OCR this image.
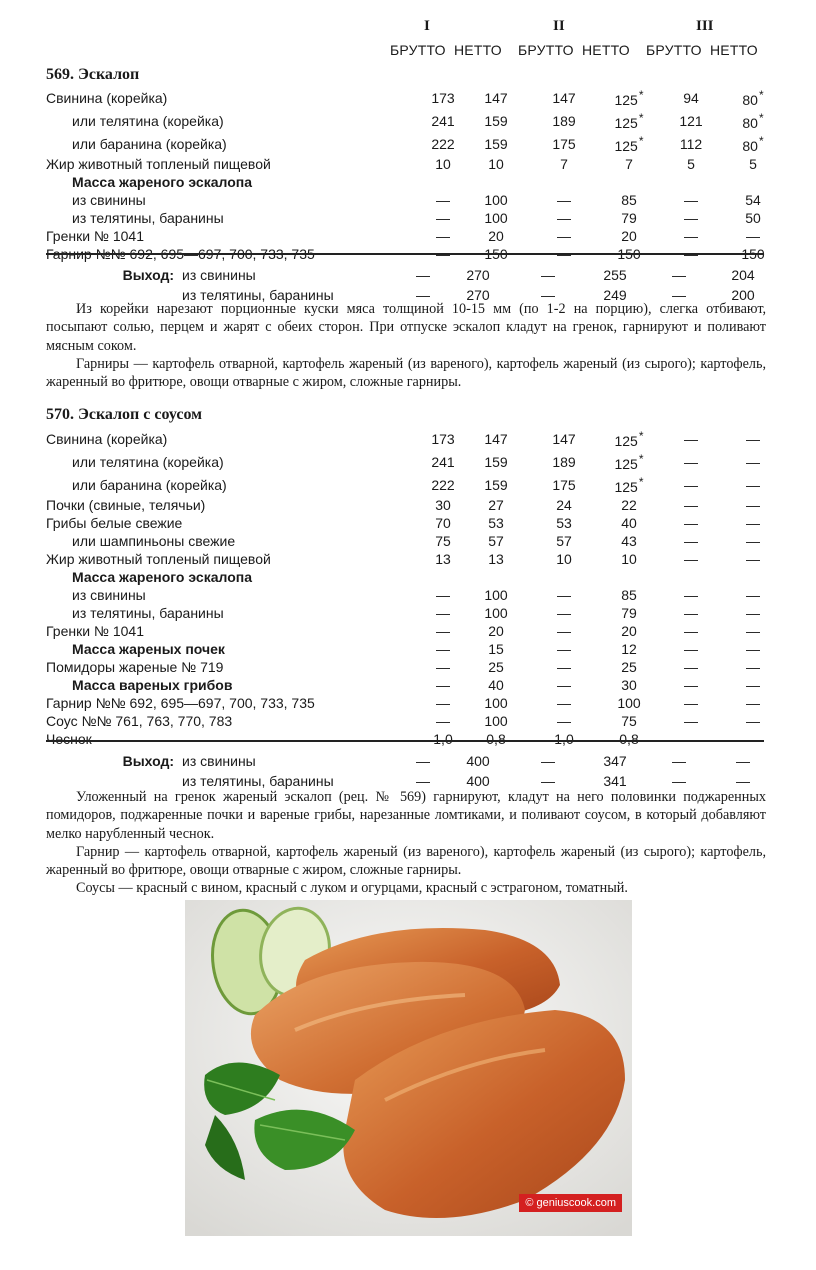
I	II	III
БРУТТО НЕТТО БРУТТО НЕТТО БРУТТО НЕТТО
569. Эскалоп
Свинина (корейка)	173	147	147	125*	94	80*
или телятина (корейка)	241	159	189	125*	121	80*
или баранина (корейка)	222	159	175	125*	112	80*
Жир животный топленый пищевой	10	10	7	7	5	5
Масса жареного эскалопа						
из свинины	—	100	—	85	—	54
из телятины, баранины	—	100	—	79	—	50
Гренки № 1041	—	20	—	20	—	—
Гарнир №№ 692, 695—697, 700, 733, 735	—	150	—	150	—	150
Выход:	из свинины	—	270	—	255	—	204
	из телятины, баранины	—	270	—	249	—	200

Из корейки нарезают порционные куски мяса толщиной 10-15 мм (по 1-2 на порцию), слегка отбивают, посыпают солью, перцем и жарят с обеих сторон. При отпуске эскалоп кладут на гренок, гарнируют и поливают мясным соком.

Гарниры — картофель отварной, картофель жареный (из вареного), картофель жареный (из сырого); картофель, жаренный во фритюре, овощи отварные с жиром, сложные гарниры.

570. Эскалоп с соусом
Свинина (корейка)	173	147	147	125*	—	—
или телятина (корейка)	241	159	189	125*	—	—
или баранина (корейка)	222	159	175	125*	—	—
Почки (свиные, телячьи)	30	27	24	22	—	—
Грибы белые свежие	70	53	53	40	—	—
или шампиньоны свежие	75	57	57	43	—	—
Жир животный топленый пищевой	13	13	10	10	—	—
Масса жареного эскалопа						
из свинины	—	100	—	85	—	—
из телятины, баранины	—	100	—	79	—	—
Гренки № 1041	—	20	—	20	—	—
Масса жареных почек	—	15	—	12	—	—
Помидоры жареные № 719	—	25	—	25	—	—
Масса вареных грибов	—	40	—	30	—	—
Гарнир №№ 692, 695—697, 700, 733, 735	—	100	—	100	—	—
Соус №№ 761, 763, 770, 783	—	100	—	75	—	—
Чеснок	1,0	0,8	1,0	0,8	—	—
Выход:	из свинины	—	400	—	347	—	—
	из телятины, баранины	—	400	—	341	—	—

Уложенный на гренок жареный эскалоп (рец. № 569) гарнируют, кладут на него половинки поджаренных помидоров, поджаренные почки и вареные грибы, нарезанные ломтиками, и поливают соусом, в который добавляют мелко нарубленный чеснок.

Гарнир — картофель отварной, картофель жареный (из вареного), картофель жареный (из сырого); картофель, жаренный во фритюре, овощи отварные с жиром, сложные гарниры.

Соусы — красный с вином, красный с луком и огурцами, красный с эстрагоном, томатный.

© geniuscook.com
